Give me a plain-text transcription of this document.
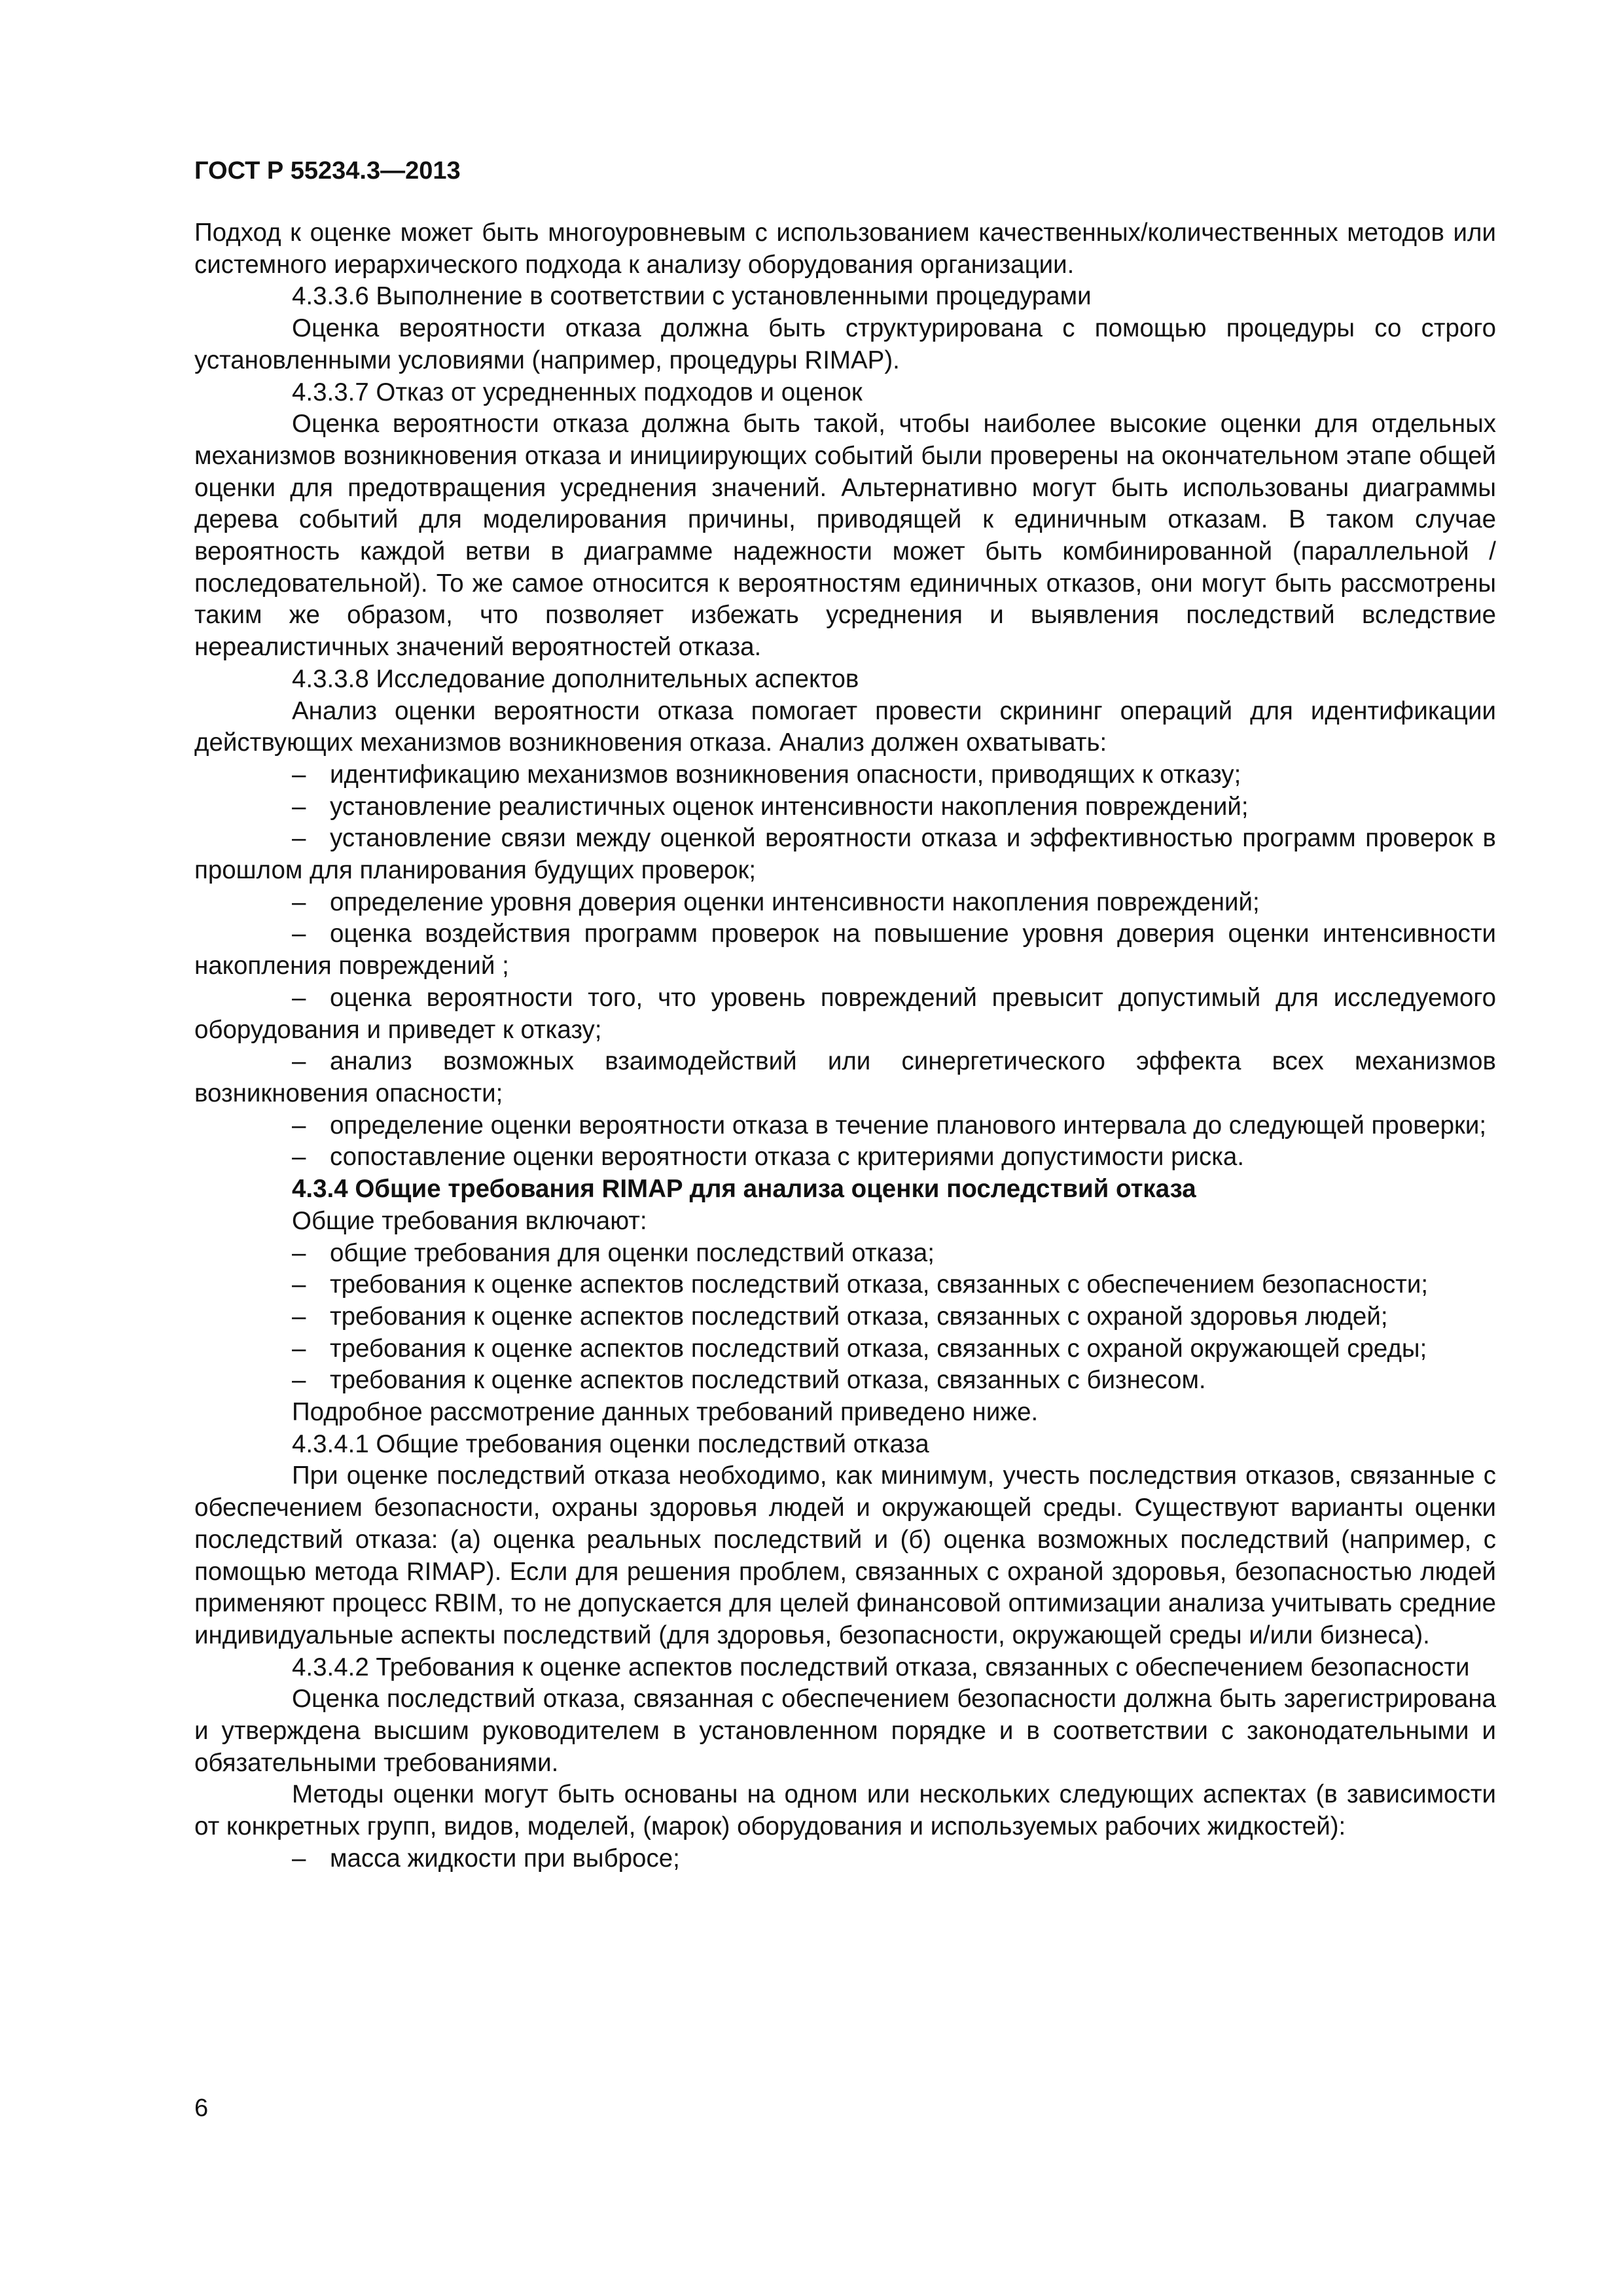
ГОСТ Р 55234.3—2013

Подход к оценке может быть многоуровневым с использованием качественных/количественных методов или системного иерархического подхода к анализу оборудования организации.

4.3.3.6 Выполнение в соответствии с установленными процедурами

Оценка вероятности отказа должна быть структурирована с помощью процедуры со строго установленными условиями (например, процедуры RIMAP).

4.3.3.7 Отказ от усредненных подходов и оценок

Оценка вероятности отказа должна быть такой, чтобы наиболее высокие оценки для отдельных механизмов возникновения отказа и инициирующих событий были проверены на окончательном этапе общей оценки для предотвращения усреднения значений. Альтернативно могут быть использованы диаграммы дерева событий для моделирования причины, приводящей к единичным отказам. В таком случае вероятность каждой ветви в диаграмме надежности может быть комбинированной (параллельной /последовательной). То же самое относится к вероятностям единичных отказов, они могут быть рассмотрены таким же образом, что позволяет избежать усреднения и выявления последствий вследствие нереалистичных значений вероятностей отказа.

4.3.3.8 Исследование дополнительных аспектов

Анализ оценки вероятности отказа помогает провести скрининг операций для идентификации действующих механизмов возникновения отказа. Анализ должен охватывать:

– идентификацию механизмов возникновения опасности, приводящих к отказу;

– установление реалистичных оценок интенсивности накопления повреждений;

– установление связи между оценкой вероятности отказа и эффективностью программ проверок в прошлом для планирования будущих проверок;

– определение уровня доверия оценки интенсивности накопления повреждений;

– оценка воздействия программ проверок на повышение уровня доверия оценки интенсивности накопления повреждений ;

– оценка вероятности того, что уровень повреждений превысит допустимый для исследуемого оборудования и приведет к отказу;

– анализ возможных взаимодействий или синергетического эффекта всех механизмов возникновения опасности;

– определение оценки вероятности отказа в течение планового интервала до следующей проверки;

– сопоставление оценки вероятности отказа с критериями допустимости риска.

4.3.4 Общие требования RIMAP для анализа оценки последствий отказа

Общие требования включают:

– общие требования для оценки последствий отказа;

– требования к оценке аспектов последствий отказа, связанных с обеспечением безопасности;

– требования к оценке аспектов последствий отказа, связанных с охраной здоровья людей;

– требования к оценке аспектов последствий отказа, связанных с охраной окружающей среды;

– требования к оценке аспектов последствий отказа, связанных с бизнесом.

Подробное рассмотрение данных требований приведено ниже.

4.3.4.1 Общие требования оценки последствий отказа

При оценке последствий отказа необходимо, как минимум, учесть последствия отказов, связанные с обеспечением безопасности, охраны здоровья людей и окружающей среды. Существуют варианты оценки последствий отказа: (а) оценка реальных последствий и (б) оценка возможных последствий (например, с помощью метода RIMAP). Если для решения проблем, связанных с охраной здоровья, безопасностью людей применяют процесс RBIM, то не допускается для целей финансовой оптимизации анализа учитывать средние индивидуальные аспекты последствий (для здоровья, безопасности, окружающей среды и/или бизнеса).

4.3.4.2 Требования к оценке аспектов последствий отказа, связанных с обеспечением безопасности

Оценка последствий отказа, связанная с обеспечением безопасности должна быть зарегистрирована и утверждена высшим руководителем в установленном порядке и в соответствии с законодательными и обязательными требованиями.

Методы оценки могут быть основаны на одном или нескольких следующих аспектах (в зависимости от конкретных групп, видов, моделей, (марок) оборудования и используемых рабочих жидкостей):

– масса жидкости при выбросе;

6
